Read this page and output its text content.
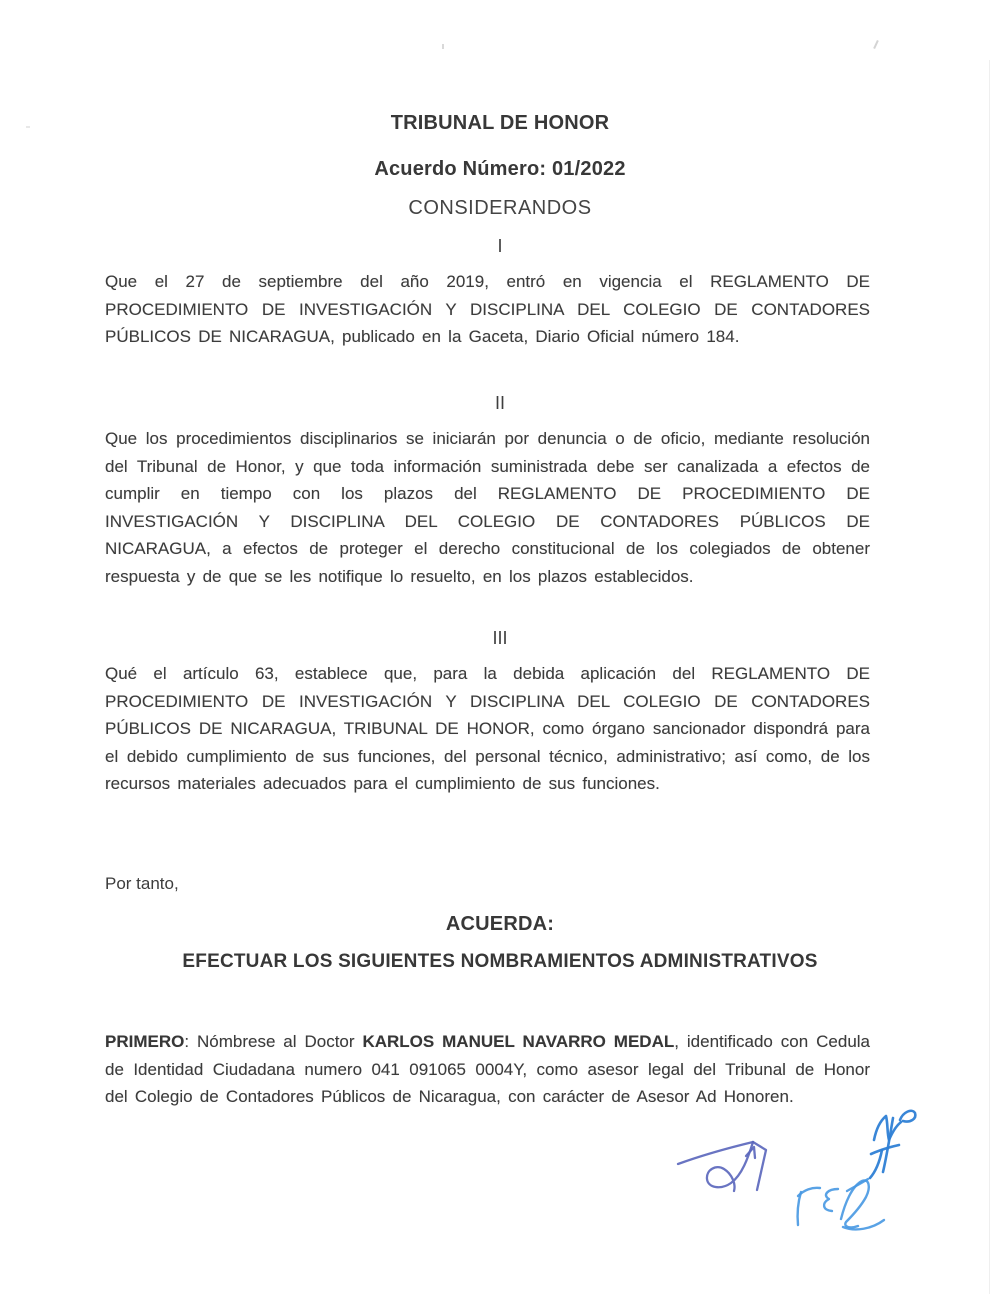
TRIBUNAL DE HONOR
Acuerdo Número: 01/2022
CONSIDERANDOS
I

Que el 27 de septiembre del año 2019, entró en vigencia el REGLAMENTO DE PROCEDIMIENTO DE INVESTIGACIÓN Y DISCIPLINA DEL COLEGIO DE CONTADORES PÚBLICOS DE NICARAGUA, publicado en la Gaceta, Diario Oficial número 184.

II

Que los procedimientos disciplinarios se iniciarán por denuncia o de oficio, mediante resolución del Tribunal de Honor, y que toda información suministrada debe ser canalizada a efectos de cumplir en tiempo con los plazos del REGLAMENTO DE PROCEDIMIENTO DE INVESTIGACIÓN Y DISCIPLINA DEL COLEGIO DE CONTADORES PÚBLICOS DE NICARAGUA, a efectos de proteger el derecho constitucional de los colegiados de obtener respuesta y de que se les notifique lo resuelto, en los plazos establecidos.

III

Qué el artículo 63, establece que, para la debida aplicación del REGLAMENTO DE PROCEDIMIENTO DE INVESTIGACIÓN Y DISCIPLINA DEL COLEGIO DE CONTADORES PÚBLICOS DE NICARAGUA, TRIBUNAL DE HONOR, como órgano sancionador dispondrá para el debido cumplimiento de sus funciones, del personal técnico, administrativo; así como, de los recursos materiales adecuados para el cumplimiento de sus funciones.

Por tanto,
ACUERDA:
EFECTUAR LOS SIGUIENTES NOMBRAMIENTOS ADMINISTRATIVOS

PRIMERO: Nómbrese al Doctor KARLOS MANUEL NAVARRO MEDAL, identificado con Cedula de Identidad Ciudadana numero 041 091065 0004Y, como asesor legal del Tribunal de Honor del Colegio de Contadores Públicos de Nicaragua, con carácter de Asesor Ad Honoren.
